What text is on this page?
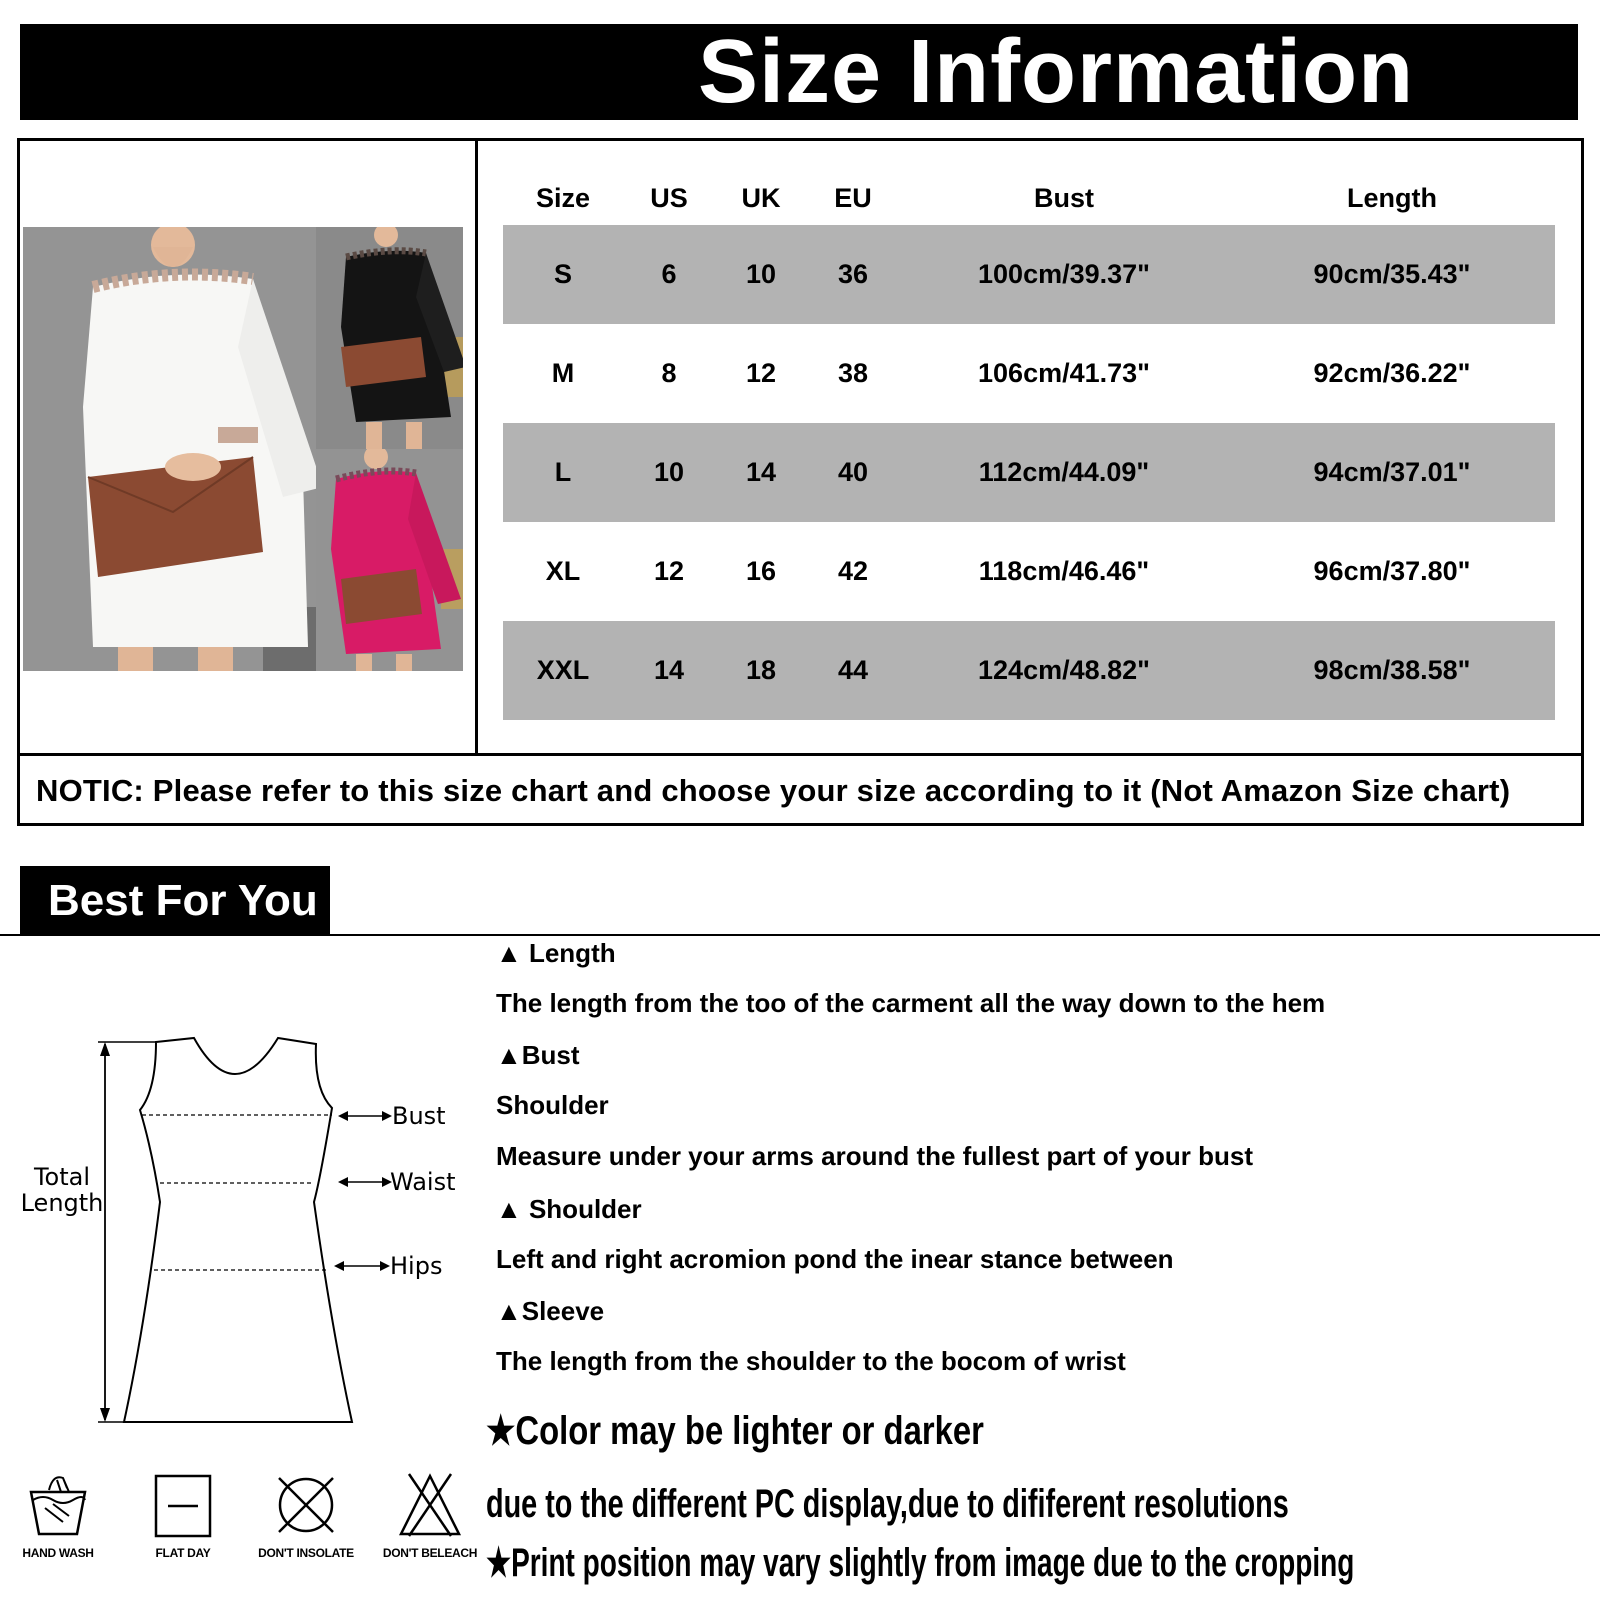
Size Information
Size	US	UK	EU	Bust	Length
S	6	10	36	100cm/39.37"	90cm/35.43"
M	8	12	38	106cm/41.73"	92cm/36.22"
L	10	14	40	112cm/44.09"	94cm/37.01"
XL	12	16	42	118cm/46.46"	96cm/37.80"
XXL	14	18	44	124cm/48.82"	98cm/38.58"
NOTIC: Please refer to this size chart and choose your size according to it (Not Amazon Size chart)
Best For You
Total
Length
Bust
Waist
Hips
HAND WASH	FLAT DAY	DON'T INSOLATE	DON'T BELEACH
▲ Length
The length from the too of the carment all the way down to the hem
▲Bust
Shoulder
Measure under your arms around the fullest part of your bust
▲ Shoulder
Left and right acromion pond the inear stance between
▲Sleeve
The length from the shoulder to the bocom of wrist
★Color may be lighter or darker
due to the different PC display,due to dififerent resolutions
★Print position may vary slightly from image due to the cropping
